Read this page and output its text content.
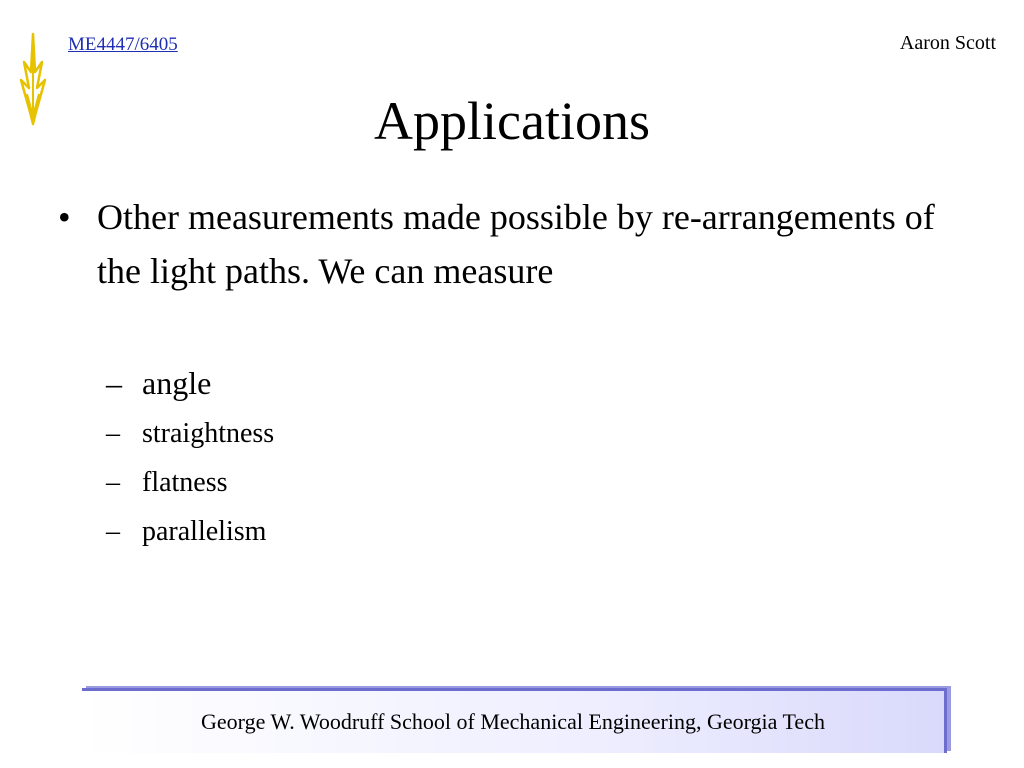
ME4447/6405	Aaron Scott
Applications
• Other measurements made possible by re-arrangements of the light paths. We can measure
– angle
– straightness
– flatness
– parallelism
George W. Woodruff School of Mechanical Engineering, Georgia Tech
